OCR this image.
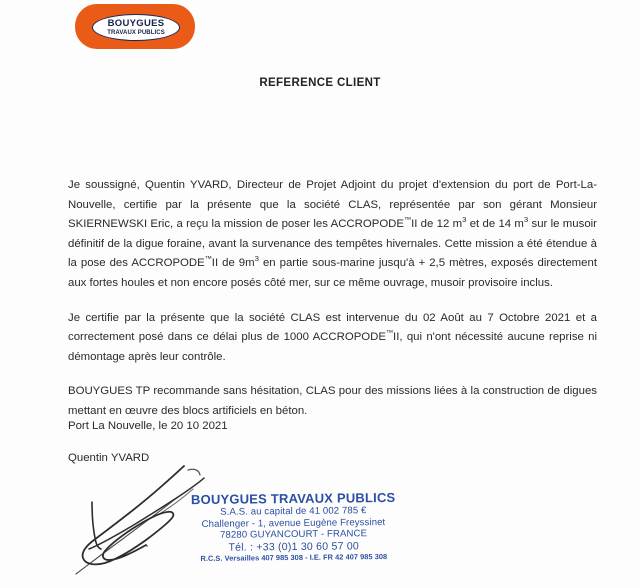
BOUYGUES
TRAVAUX PUBLICS
REFERENCE CLIENT

Je soussigné, Quentin YVARD, Directeur de Projet Adjoint du projet d'extension du port de Port-La-Nouvelle, certifie par la présente que la société CLAS, représentée par son gérant Monsieur SKIERNEWSKI Eric, a reçu la mission de poser les ACCROPODE™II de 12 $m^3$ et de 14 $m^3$ sur le musoir définitif de la digue foraine, avant la survenance des tempêtes hivernales. Cette mission a été étendue à la pose des ACCROPODE™II de $9m^3$ en partie sous-marine jusqu'à + 2,5 mètres, exposés directement aux fortes houles et non encore posés côté mer, sur ce même ouvrage, musoir provisoire inclus.

Je certifie par la présente que la société CLAS est intervenue du 02 Août au 7 Octobre 2021 et a correctement posé dans ce délai plus de 1000 ACCROPODE™II, qui n'ont nécessité aucune reprise ni démontage après leur contrôle.

BOUYGUES TP recommande sans hésitation, CLAS pour des missions liées à la construction de digues mettant en œuvre des blocs artificiels en béton.

Port La Nouvelle, le 20 10 2021
Quentin YVARD
BOUYGUES TRAVAUX PUBLICS
S.A.S. au capital de 41 002 785 €
Challenger - 1, avenue Eugène Freyssinet
78280 GUYANCOURT - FRANCE
Tél. : +33 (0)1 30 60 57 00
R.C.S. Versailles 407 985 308 - I.E. FR 42 407 985 308
